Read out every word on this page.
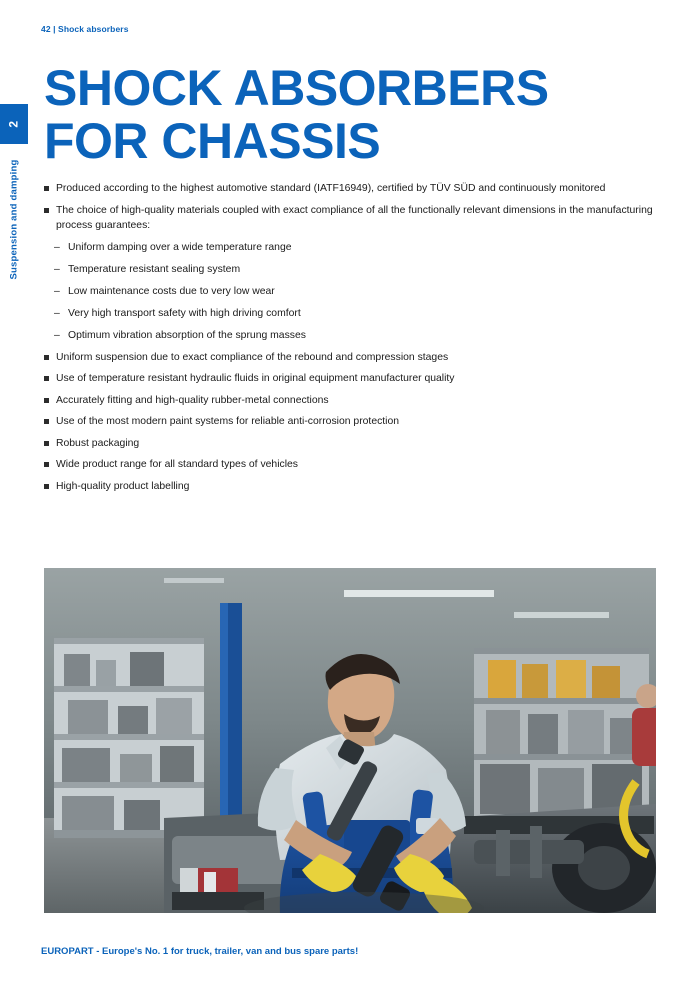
2
Suspension and damping
42 | Shock absorbers
SHOCK ABSORBERS
FOR CHASSIS
Produced according to the highest automotive standard (IATF16949), certified by TÜV SÜD and continuously monitored
The choice of high-quality materials coupled with exact compliance of all the functionally relevant dimensions in the manufacturing process guarantees:
– Uniform damping over a wide temperature range
– Temperature resistant sealing system
– Low maintenance costs due to very low wear
– Very high transport safety with high driving comfort
– Optimum vibration absorption of the sprung masses
Uniform suspension due to exact compliance of the rebound and compression stages
Use of temperature resistant hydraulic fluids in original equipment manufacturer quality
Accurately fitting and high-quality rubber-metal connections
Use of the most modern paint systems for reliable anti-corrosion protection
Robust packaging
Wide product range for all standard types of vehicles
High-quality product labelling
EUROPART - Europe's No. 1 for truck, trailer, van and bus spare parts!
